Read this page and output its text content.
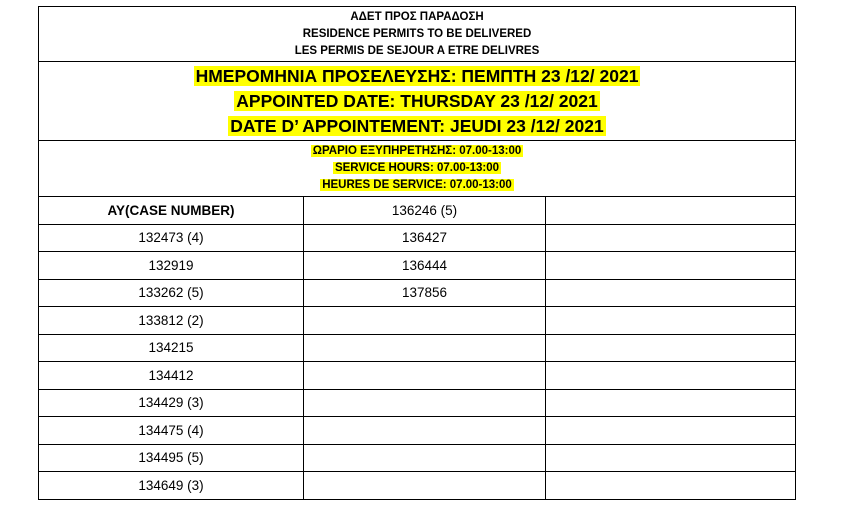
ΑΔΕΤ ΠΡΟΣ ΠΑΡΑΔΟΣΗ
RESIDENCE PERMITS TO BE DELIVERED
LES PERMIS DE SEJOUR A ETRE DELIVRES
ΗΜΕΡΟΜΗΝΙΑ ΠΡΟΣΕΛΕΥΣΗΣ: ΠΕΜΠΤΗ 23 /12/ 2021
APPOINTED DATE: THURSDAY 23 /12/ 2021
DATE D’ APPOINTEMENT: JEUDI 23 /12/ 2021
ΩΡΑΡΙΟ ΕΞΥΠΗΡΕΤΗΣΗΣ: 07.00-13:00
SERVICE HOURS: 07.00-13:00
HEURES DE SERVICE: 07.00-13:00
AY(CASE NUMBER)	136246 (5)	
132473 (4)	136427	
132919	136444	
133262 (5)	137856	
133812 (2)		
134215		
134412		
134429 (3)		
134475 (4)		
134495 (5)		
134649 (3)		
